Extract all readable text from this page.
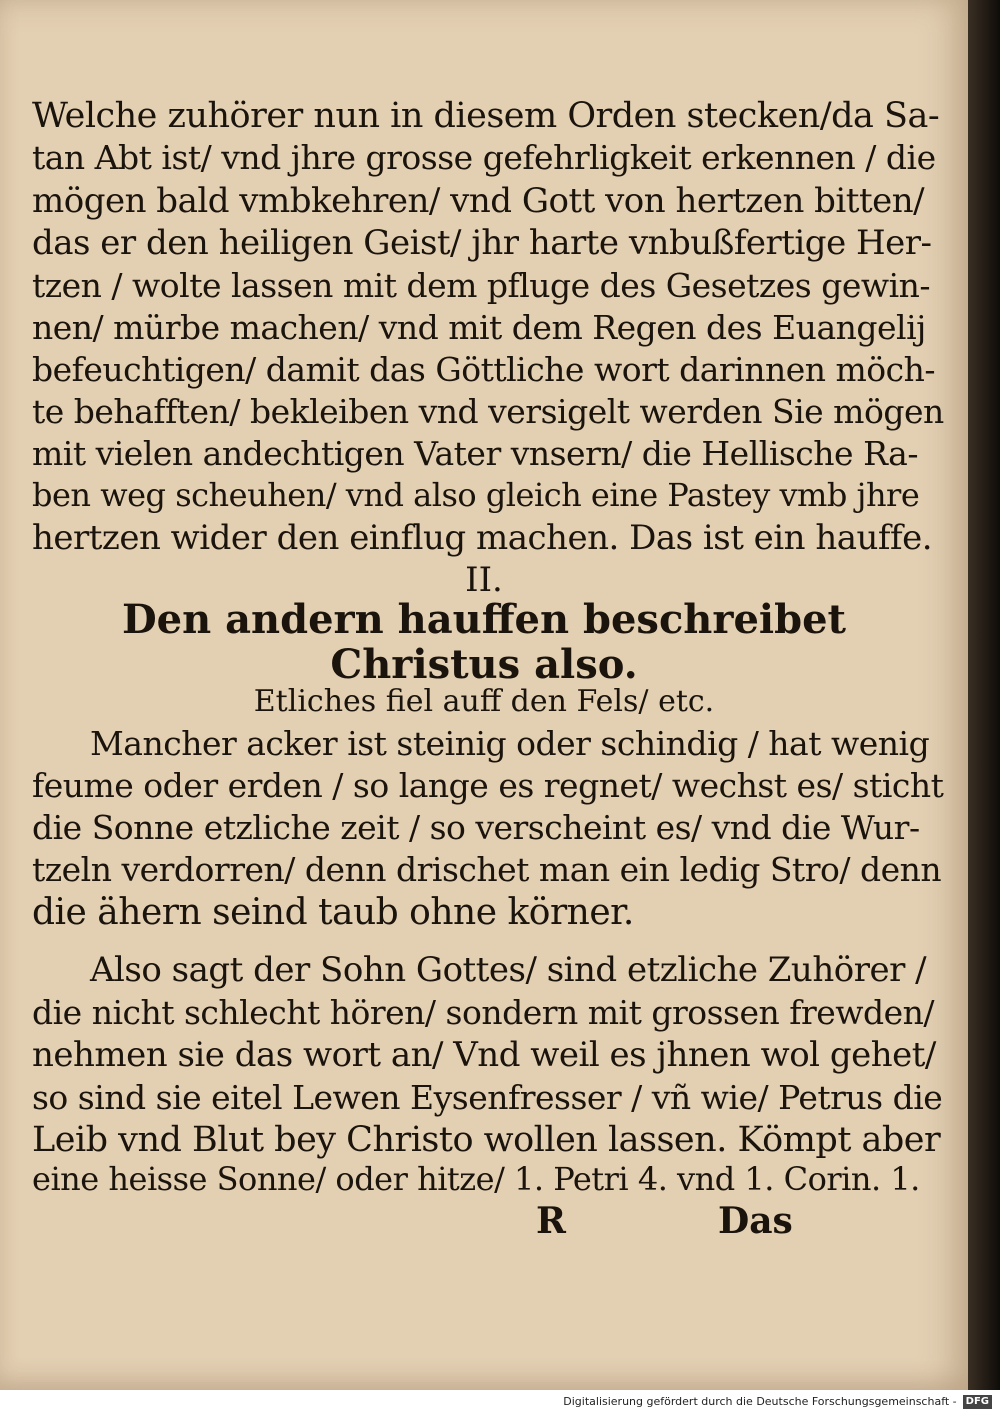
Welche zuhörer nun in diesem Orden stecken/da Sa-
tan Abt ist/ vnd jhre grosse gefehrligkeit erkennen / die
mögen bald vmbkehren/ vnd Gott von hertzen bitten/
das er den heiligen Geist/ jhr harte vnbußfertige Her-
tzen / wolte lassen mit dem pfluge des Gesetzes gewin-
nen/ mürbe machen/ vnd mit dem Regen des Euangelij
befeuchtigen/ damit das Göttliche wort darinnen möch-
te behafften/ bekleiben vnd versigelt werden Sie mögen
mit vielen andechtigen Vater vnsern/ die Hellische Ra-
ben weg scheuhen/ vnd also gleich eine Pastey vmb jhre
hertzen wider den einflug machen. Das ist ein hauffe.
II.
Den andern hauffen beschreibet
Christus also.
Etliches fiel auff den Fels/ etc.
Mancher acker ist steinig oder schindig / hat wenig
feume oder erden / so lange es regnet/ wechst es/ sticht
die Sonne etzliche zeit / so verscheint es/ vnd die Wur-
tzeln verdorren/ denn drischet man ein ledig Stro/ denn
die ähern seind taub ohne körner.
Also sagt der Sohn Gottes/ sind etzliche Zuhörer /
die nicht schlecht hören/ sondern mit grossen frewden/
nehmen sie das wort an/ Vnd weil es jhnen wol gehet/
so sind sie eitel Lewen Eysenfresser / vñ wie/ Petrus die
Leib vnd Blut bey Christo wollen lassen. Kömpt aber
eine heisse Sonne/ oder hitze/ 1. Petri 4. vnd 1. Corin. 1.
R	Das
Digitalisierung gefördert durch die Deutsche Forschungsgemeinschaft - DFG
